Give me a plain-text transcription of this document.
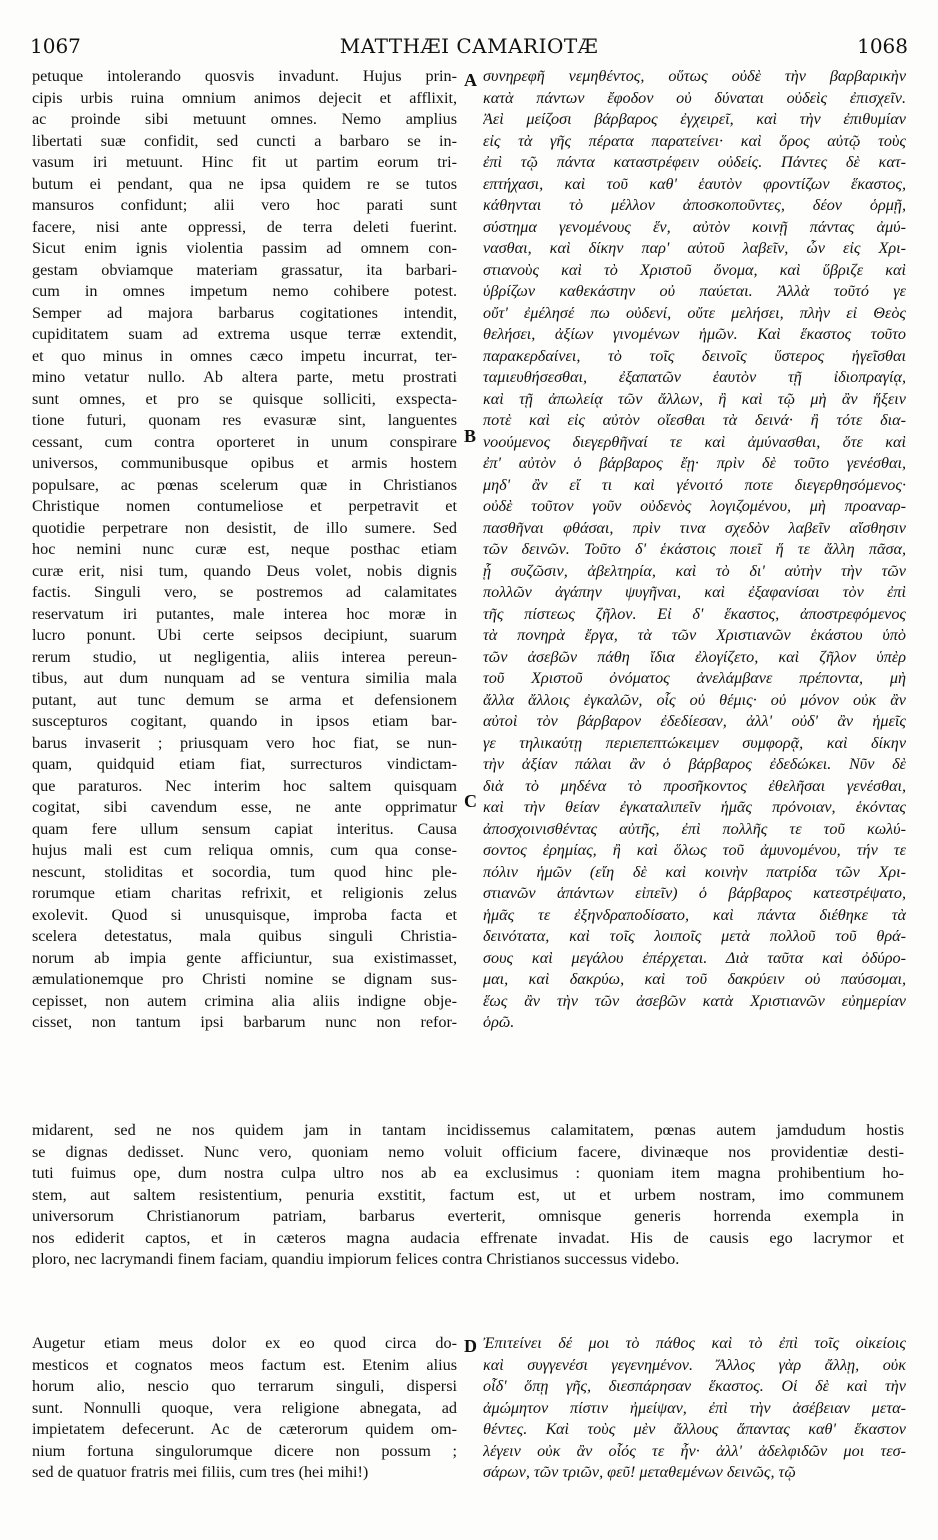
1067	MATTHÆI CAMARIOTÆ	1068
petuque intolerando quosvis invadunt. Hujus prin-
cipis urbis ruina omnium animos dejecit et afflixit,
ac proinde sibi metuunt omnes. Nemo amplius
libertati suæ confidit, sed cuncti a barbaro se in-
vasum iri metuunt. Hinc fit ut partim eorum tri-
butum ei pendant, qua ne ipsa quidem re se tutos
mansuros confidunt; alii vero hoc parati sunt
facere, nisi ante oppressi, de terra deleti fuerint.
Sicut enim ignis violentia passim ad omnem con-
gestam obviamque materiam grassatur, ita barbari-
cum in omnes impetum nemo cohibere potest.
Semper ad majora barbarus cogitationes intendit,
cupiditatem suam ad extrema usque terræ extendit,
et quo minus in omnes cæco impetu incurrat, ter-
mino vetatur nullo. Ab altera parte, metu prostrati
sunt omnes, et pro se quisque solliciti, exspecta-
tione futuri, quonam res evasuræ sint, languentes
cessant, cum contra oporteret in unum conspirare
universos, communibusque opibus et armis hostem
populsare, ac pœnas scelerum quæ in Christianos
Christique nomen contumeliose et perpetravit et
quotidie perpetrare non desistit, de illo sumere. Sed
hoc nemini nunc curæ est, neque posthac etiam
curæ erit, nisi tum, quando Deus volet, nobis dignis
factis. Singuli vero, se postremos ad calamitates
reservatum iri putantes, male interea hoc moræ in
lucro ponunt. Ubi certe seipsos decipiunt, suarum
rerum studio, ut negligentia, aliis interea pereun-
tibus, aut dum nunquam ad se ventura similia mala
putant, aut tunc demum se arma et defensionem
suscepturos cogitant, quando in ipsos etiam bar-
barus invaserit ; priusquam vero hoc fiat, se nun-
quam, quidquid etiam fiat, surrecturos vindictam-
que paraturos. Nec interim hoc saltem quisquam
cogitat, sibi cavendum esse, ne ante opprimatur
quam fere ullum sensum capiat interitus. Causa
hujus mali est cum reliqua omnis, cum qua conse-
nescunt, stoliditas et socordia, tum quod hinc ple-
rorumque etiam charitas refrixit, et religionis zelus
exolevit. Quod si unusquisque, improba facta et
scelera detestatus, mala quibus singuli Christia-
norum ab impia gente afficiuntur, sua existimasset,
æmulationemque pro Christi nomine se dignam sus-
cepisset, non autem crimina alia aliis indigne obje-
cisset, non tantum ipsi barbarum nunc non refor-
συνηρεφῆ νεμηθέντος, οὕτως οὐδὲ τὴν βαρβαρικὴν
κατὰ πάντων ἔφοδον οὐ δύναται οὐδεὶς ἐπισχεῖν.
Ἀεὶ μείζοσι βάρβαρος ἐγχειρεῖ, καὶ τὴν ἐπιθυμίαν
εἰς τὰ γῆς πέρατα παρατείνει· καὶ ὅρος αὐτῷ τοὺς
ἐπὶ τῷ πάντα καταστρέφειν οὐδείς. Πάντες δὲ κατ-
επτήχασι, καὶ τοῦ καθ' ἑαυτὸν φροντίζων ἕκαστος,
κάθηνται τὸ μέλλον ἀποσκοποῦντες, δέον ὁρμῇ,
σύστημα γενομένους ἕν, αὐτὸν κοινῇ πάντας ἀμύ-
νασθαι, καὶ δίκην παρ' αὐτοῦ λαβεῖν, ὧν εἰς Χρι-
στιανοὺς καὶ τὸ Χριστοῦ ὄνομα, καὶ ὕβριζε καὶ
ὑβρίζων καθεκάστην οὐ παύεται. Ἀλλὰ τοῦτό γε
οὔτ' ἐμέλησέ πω οὐδενί, οὔτε μελήσει, πλὴν εἰ Θεὸς
θελήσει, ἀξίων γινομένων ἡμῶν. Καὶ ἕκαστος τοῦτο
παρακερδαίνει, τὸ τοῖς δεινοῖς ὕστερος ἡγεῖσθαι
ταμιευθήσεσθαι, ἐξαπατῶν ἑαυτὸν τῇ ἰδιοπραγίᾳ,
καὶ τῇ ἀπωλείᾳ τῶν ἄλλων, ἢ καὶ τῷ μὴ ἂν ἥξειν
ποτὲ καὶ εἰς αὐτὸν οἴεσθαι τὰ δεινά· ἢ τότε δια-
νοούμενος διεγερθῆναί τε καὶ ἀμύνασθαι, ὅτε καὶ
ἐπ' αὐτὸν ὁ βάρβαρος ἔῃ· πρὶν δὲ τοῦτο γενέσθαι,
μηδ' ἂν εἴ τι καὶ γένοιτό ποτε διεγερθησόμενος·
οὐδὲ τοῦτον γοῦν οὐδενὸς λογιζομένου, μὴ προαναρ-
πασθῆναι φθάσαι, πρὶν τινα σχεδὸν λαβεῖν αἴσθησιν
τῶν δεινῶν. Τοῦτο δ' ἑκάστοις ποιεῖ ἥ τε ἄλλη πᾶσα,
ᾗ συζῶσιν, ἀβελτηρία, καὶ τὸ δι' αὐτὴν τὴν τῶν
πολλῶν ἀγάπην ψυγῆναι, καὶ ἐξαφανίσαι τὸν ἐπὶ
τῆς πίστεως ζῆλον. Εἰ δ' ἕκαστος, ἀποστρεφόμενος
τὰ πονηρὰ ἔργα, τὰ τῶν Χριστιανῶν ἑκάστου ὑπὸ
τῶν ἀσεβῶν πάθη ἴδια ἐλογίζετο, καὶ ζῆλον ὑπὲρ
τοῦ Χριστοῦ ὀνόματος ἀνελάμβανε πρέποντα, μὴ
ἄλλα ἄλλοις ἐγκαλῶν, οἷς οὐ θέμις· οὐ μόνον οὐκ ἂν
αὐτοὶ τὸν βάρβαρον ἐδεδίεσαν, ἀλλ' οὐδ' ἂν ἡμεῖς
γε τηλικαύτῃ περιεπεπτώκειμεν συμφορᾷ, καὶ δίκην
τὴν ἀξίαν πάλαι ἂν ὁ βάρβαρος ἐδεδώκει. Νῦν δὲ
διὰ τὸ μηδένα τὸ προσῆκοντος ἐθελῆσαι γενέσθαι,
καὶ τὴν θείαν ἐγκαταλιπεῖν ἡμᾶς πρόνοιαν, ἑκόντας
ἀποσχοινισθέντας αὐτῆς, ἐπὶ πολλῆς τε τοῦ κωλύ-
σοντος ἐρημίας, ἢ καὶ ὅλως τοῦ ἀμυνομένου, τήν τε
πόλιν ἡμῶν (εἴη δὲ καὶ κοινὴν πατρίδα τῶν Χρι-
στιανῶν ἁπάντων εἰπεῖν) ὁ βάρβαρος κατεστρέψατο,
ἡμᾶς τε ἐξηνδραποδίσατο, καὶ πάντα διέθηκε τὰ
δεινότατα, καὶ τοῖς λοιποῖς μετὰ πολλοῦ τοῦ θρά-
σους καὶ μεγάλου ἐπέρχεται. Διὰ ταῦτα καὶ ὀδύρο-
μαι, καὶ δακρύω, καὶ τοῦ δακρύειν οὐ παύσομαι,
ἕως ἂν τὴν τῶν ἀσεβῶν κατὰ Χριστιανῶν εὐημερίαν
ὁρῶ.
midarent, sed ne nos quidem jam in tantam incidissemus calamitatem, pœnas autem jamdudum hostis
se dignas dedisset. Nunc vero, quoniam nemo voluit officium facere, divinæque nos providentiæ desti-
tuti fuimus ope, dum nostra culpa ultro nos ab ea exclusimus : quoniam item magna prohibentium ho-
stem, aut saltem resistentium, penuria exstitit, factum est, ut et urbem nostram, imo communem
universorum Christianorum patriam, barbarus everterit, omnisque generis horrenda exempla in
nos ediderit captos, et in cæteros magna audacia effrenate invadat. His de causis ego lacrymor et
ploro, nec lacrymandi finem faciam, quandiu impiorum felices contra Christianos successus videbo.
Augetur etiam meus dolor ex eo quod circa do-
mesticos et cognatos meos factum est. Etenim alius
horum alio, nescio quo terrarum singuli, dispersi
sunt. Nonnulli quoque, vera religione abnegata, ad
impietatem defecerunt. Ac de cæterorum quidem om-
nium fortuna singulorumque dicere non possum ;
sed de quatuor fratris mei filiis, cum tres (hei mihi!)
Ἐπιτείνει δέ μοι τὸ πάθος καὶ τὸ ἐπὶ τοῖς οἰκείοις
καὶ συγγενέσι γεγενημένον. Ἄλλος γὰρ ἄλλῃ, οὐκ
οἶδ' ὅπῃ γῆς, διεσπάρησαν ἕκαστος. Οἱ δὲ καὶ τὴν
ἀμώμητον πίστιν ἠμείψαν, ἐπὶ τὴν ἀσέβειαν μετα-
θέντες. Καὶ τοὺς μὲν ἄλλους ἅπαντας καθ' ἕκαστον
λέγειν οὐκ ἂν οἷός τε ἦν· ἀλλ' ἀδελφιδῶν μοι τεσ-
σάρων, τῶν τριῶν, φεῦ! μεταθεμένων δεινῶς, τῷ
A
B
C
D
